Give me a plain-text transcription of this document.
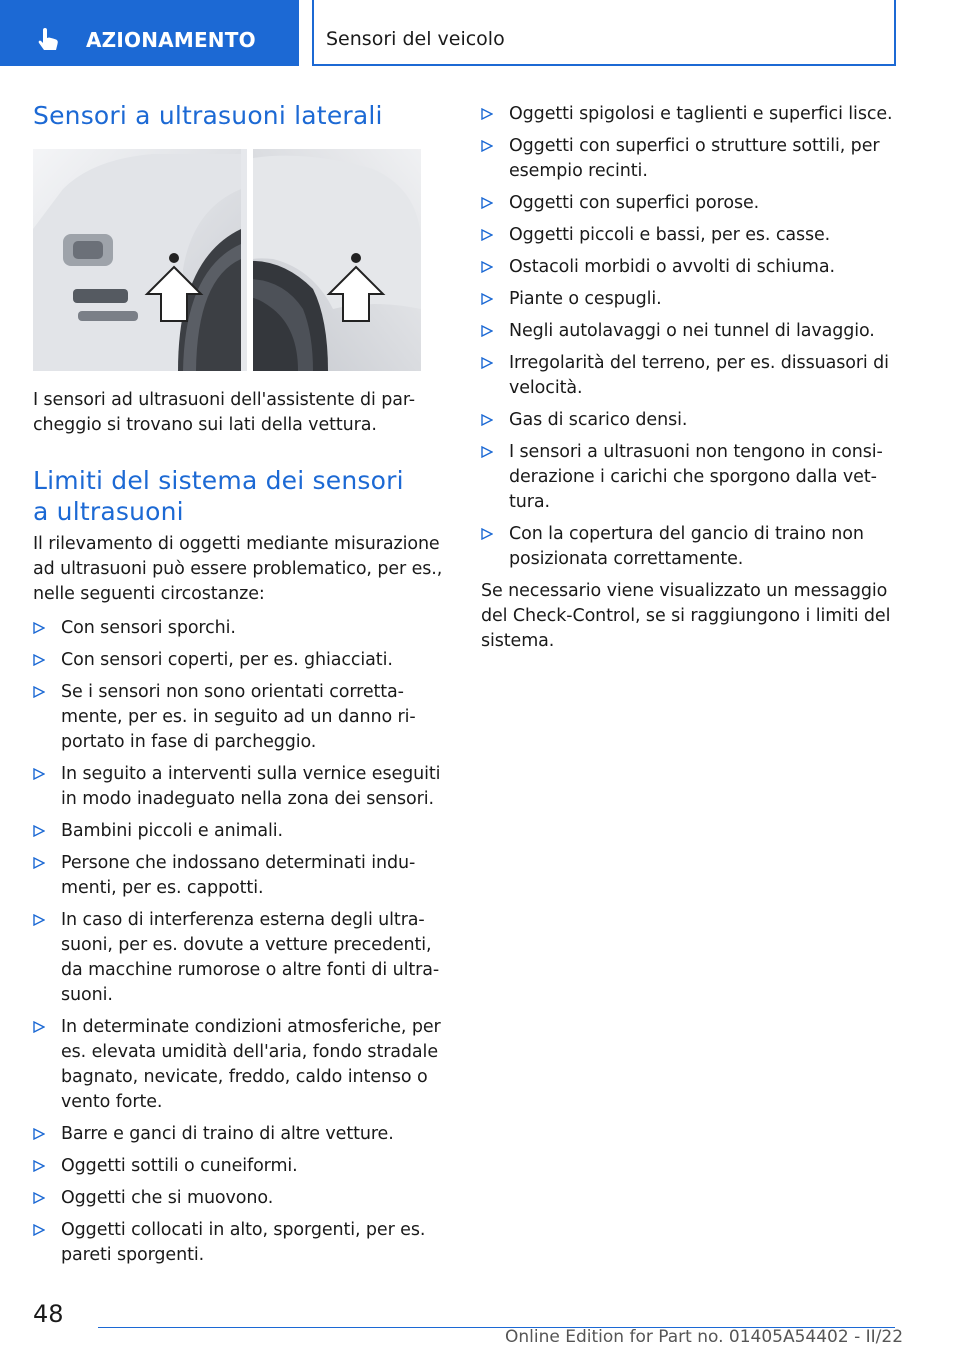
AZIONAMENTO	Sensori del veicolo
Sensori a ultrasuoni laterali

I sensori ad ultrasuoni dell'assistente di par-
cheggio si trovano sui lati della vettura.

Limiti del sistema dei sensori a ultrasuoni

Il rilevamento di oggetti mediante misurazione ad ultrasuoni può essere problematico, per es., nelle seguenti circostanze:

Con sensori sporchi.
Con sensori coperti, per es. ghiacciati.
Se i sensori non sono orientati corretta-
mente, per es. in seguito ad un danno ri-
portato in fase di parcheggio.
In seguito a interventi sulla vernice eseguiti in modo inadeguato nella zona dei sensori.
Bambini piccoli e animali.
Persone che indossano determinati indu-
menti, per es. cappotti.
In caso di interferenza esterna degli ultra-
suoni, per es. dovute a vetture precedenti, da macchine rumorose o altre fonti di ultra-
suoni.
In determinate condizioni atmosferiche, per es. elevata umidità dell'aria, fondo stradale bagnato, nevicate, freddo, caldo intenso o vento forte.
Barre e ganci di traino di altre vetture.
Oggetti sottili o cuneiformi.
Oggetti che si muovono.
Oggetti collocati in alto, sporgenti, per es. pareti sporgenti.
Oggetti spigolosi e taglienti e superfici lisce.
Oggetti con superfici o strutture sottili, per esempio recinti.
Oggetti con superfici porose.
Oggetti piccoli e bassi, per es. casse.
Ostacoli morbidi o avvolti di schiuma.
Piante o cespugli.
Negli autolavaggi o nei tunnel di lavaggio.
Irregolarità del terreno, per es. dissuasori di velocità.
Gas di scarico densi.
I sensori a ultrasuoni non tengono in consi-
derazione i carichi che sporgono dalla vet-
tura.
Con la copertura del gancio di traino non posizionata correttamente.

Se necessario viene visualizzato un messaggio del Check-Control, se si raggiungono i limiti del sistema.

48
Online Edition for Part no. 01405A54402 - II/22
